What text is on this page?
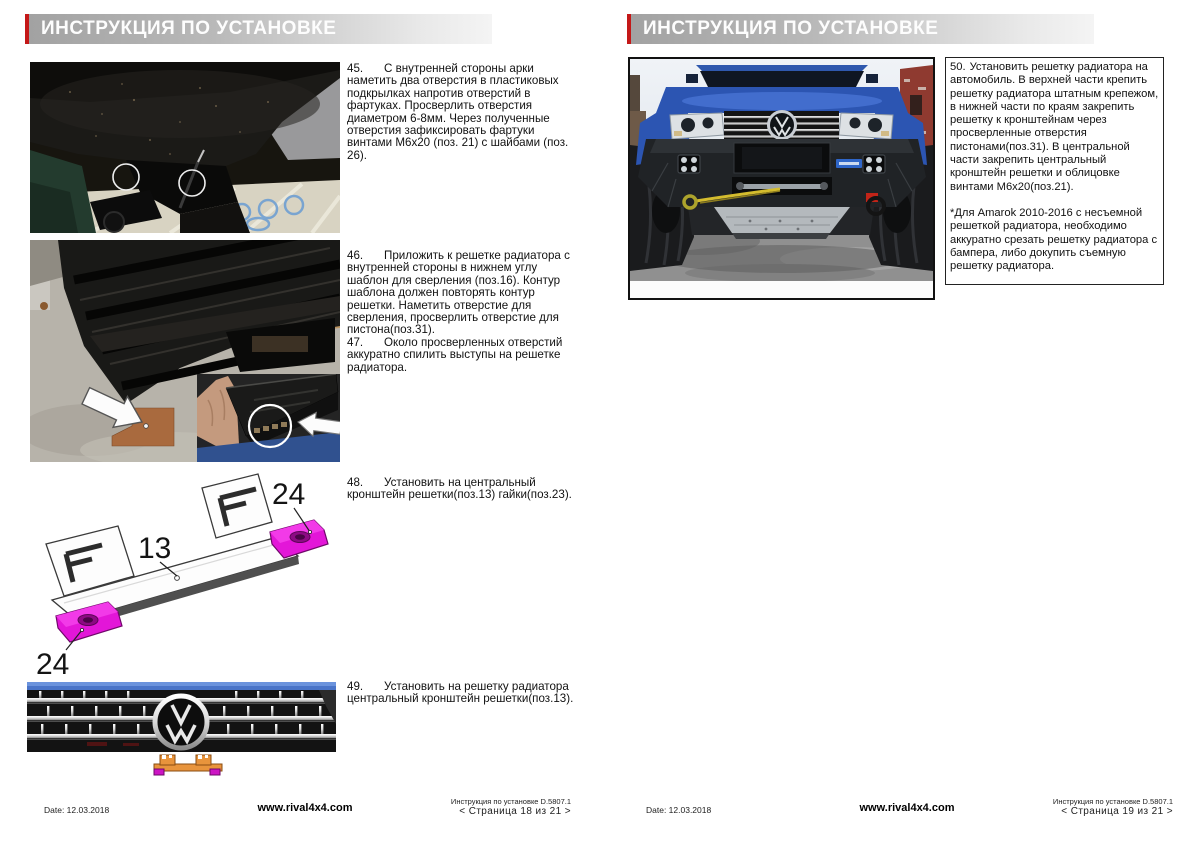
ИНСТРУКЦИЯ ПО УСТАНОВКЕ

45. С внутренней стороны арки наметить два отверстия в пластиковых подкрылках напротив отверстий в фартуках. Просверлить отверстия диаметром 6-8мм. Через полученные отверстия зафиксировать фартуки винтами М6х20 (поз. 21) с шайбами (поз. 26).

46. Приложить к решетке радиатора с внутренней стороны в нижнем углу шаблон для сверления (поз.16). Контур шаблона должен повторять контур решетки. Наметить отверстие для сверления, просверлить отверстие для пистона(поз.31).

47. Около просверленных отверстий аккуратно спилить выступы на решетке радиатора.

48. Установить на центральный кронштейн решетки(поз.13) гайки(поз.23).

49. Установить на решетку радиатора центральный кронштейн решетки(поз.13).

24
13
24
Date: 12.03.2018	www.rival4x4.com
Инструкция по установке D.5807.1
< Страница 18 из 21 >
ИНСТРУКЦИЯ ПО УСТАНОВКЕ

50. Установить решетку радиатора на автомобиль. В верхней части крепить решетку радиатора штатным крепежом, в нижней части по краям закрепить решетку к кронштейнам через просверленные отверстия пистонами(поз.31). В центральной части закрепить центральный кронштейн решетки и облицовке винтами М6х20(поз.21).

*Для Amarok 2010-2016 с несъемной решеткой радиатора, необходимо аккуратно срезать решетку радиатора с бампера, либо докупить съемную решетку радиатора.

Date: 12.03.2018	www.rival4x4.com
Инструкция по установке D.5807.1
< Страница 19 из 21 >
